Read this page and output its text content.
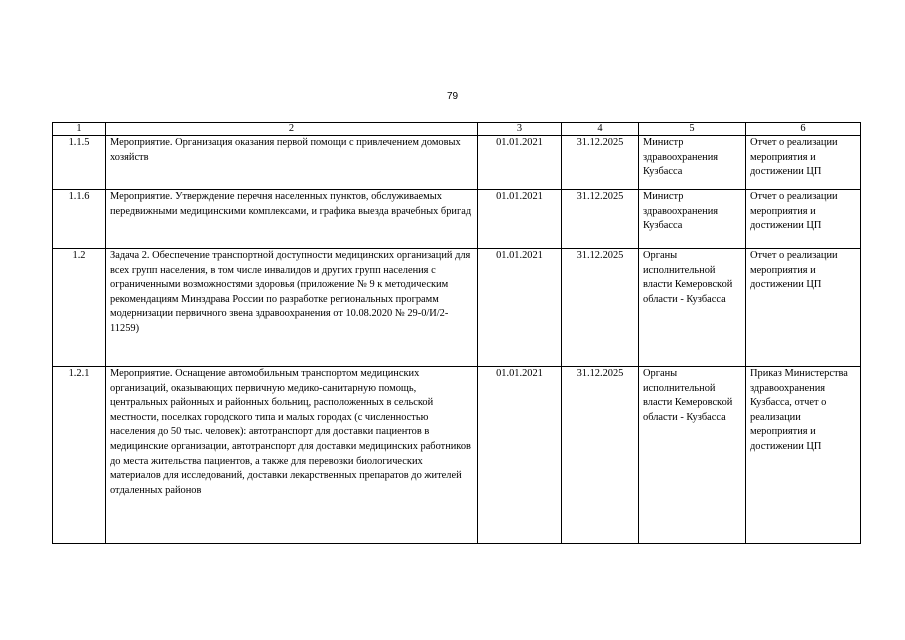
79
1	2	3	4	5	6
1.1.5	Мероприятие. Организация оказания первой помощи с привлечением домовых хозяйств	01.01.2021	31.12.2025	Министр здравоохранения Кузбасса	Отчет о реализации мероприятия и достижении ЦП
1.1.6	Мероприятие. Утверждение перечня населенных пунктов, обслуживаемых передвижными медицинскими комплексами, и графика выезда врачебных бригад	01.01.2021	31.12.2025	Министр здравоохранения Кузбасса	Отчет о реализации мероприятия и достижении ЦП
1.2	Задача 2. Обеспечение транспортной доступности медицинских организаций для всех групп населения, в том числе инвалидов и других групп населения с ограниченными возможностями здоровья (приложение № 9 к методическим рекомендациям Минздрава России по разработке региональных программ модернизации первичного звена здравоохранения от 10.08.2020 № 29-0/И/2-11259)	01.01.2021	31.12.2025	Органы исполнительной власти Кемеровской области - Кузбасса	Отчет о реализации мероприятия и достижении ЦП
1.2.1	Мероприятие. Оснащение автомобильным транспортом медицинских организаций, оказывающих первичную медико-санитарную помощь, центральных районных и районных больниц, расположенных в сельской местности, поселках городского типа и малых городах (с численностью населения до 50 тыс. человек): автотранспорт для доставки пациентов в медицинские организации, автотранспорт для доставки медицинских работников до места жительства пациентов, а также для перевозки биологических материалов для исследований, доставки лекарственных препаратов до жителей отдаленных районов	01.01.2021	31.12.2025	Органы исполнительной власти Кемеровской области - Кузбасса	Приказ Министерства здравоохранения Кузбасса, отчет о реализации мероприятия и достижении ЦП
